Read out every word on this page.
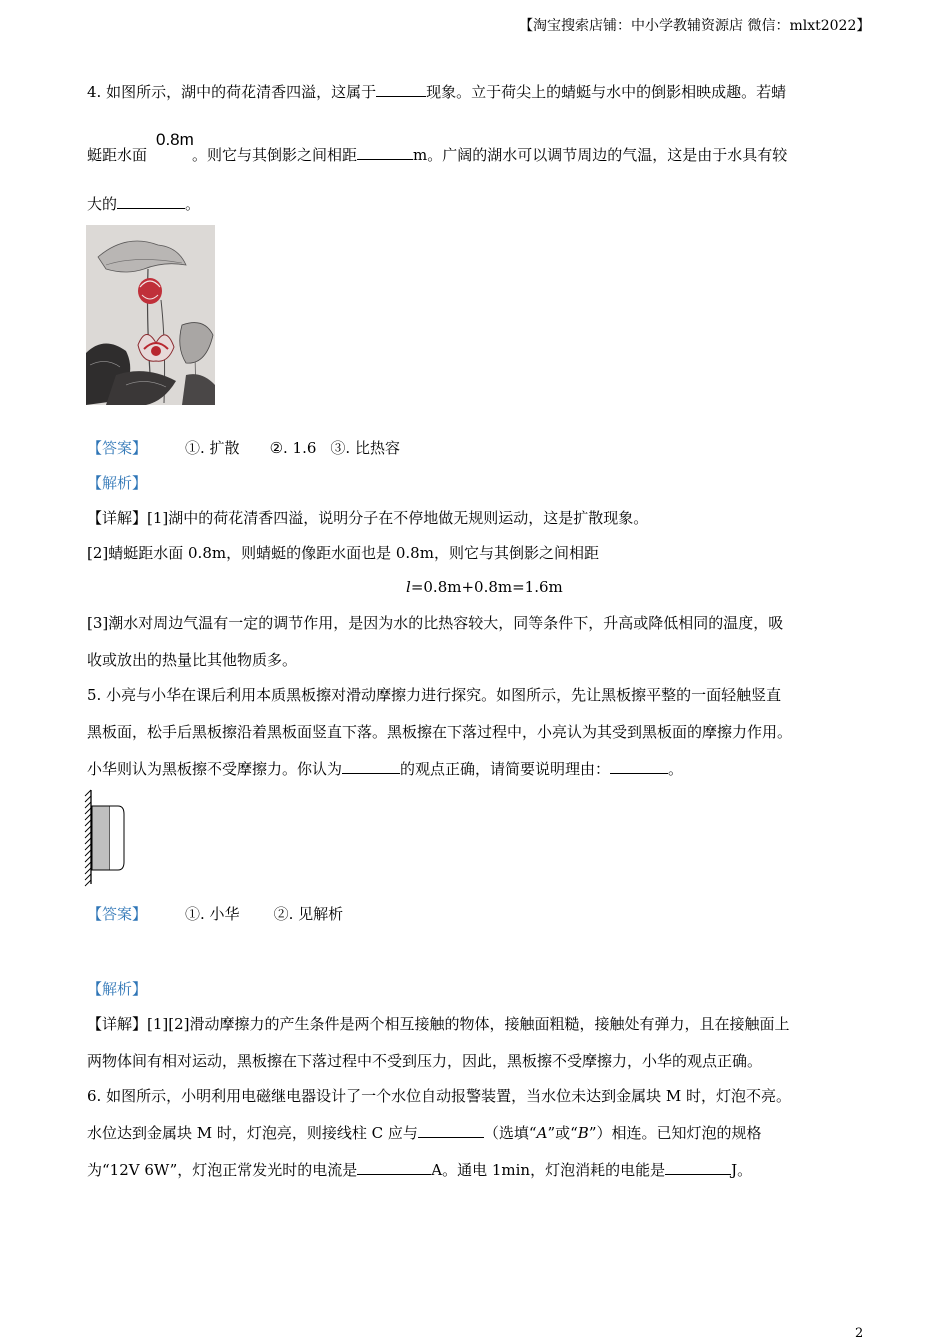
【淘宝搜索店铺：中小学教辅资源店 微信：mlxt2022】
4. 如图所示，湖中的荷花清香四溢，这属于	现象。立于荷尖上的蜻蜓与水中的倒影相映成趣。若蜻
0.8m
蜓距水面	。则它与其倒影之间相距	m。广阔的湖水可以调节周边的气温，这是由于水具有较
大的	。
【答案】	①. 扩散 ②. 1.6 ③. 比热容
【解析】
【详解】[1]湖中的荷花清香四溢，说明分子在不停地做无规则运动，这是扩散现象。
[2]蜻蜓距水面 0.8m，则蜻蜓的像距水面也是 0.8m，则它与其倒影之间相距
l=0.8m+0.8m=1.6m
[3]潮水对周边气温有一定的调节作用，是因为水的比热容较大，同等条件下，升高或降低相同的温度，吸
收或放出的热量比其他物质多。
5. 小亮与小华在课后利用本质黑板擦对滑动摩擦力进行探究。如图所示，先让黑板擦平整的一面轻触竖直
黑板面，松手后黑板擦沿着黑板面竖直下落。黑板擦在下落过程中，小亮认为其受到黑板面的摩擦力作用。
小华则认为黑板擦不受摩擦力。你认为	的观点正确，请简要说明理由：	。
【答案】	①. 小华 ②. 见解析
【解析】
【详解】[1][2]滑动摩擦力的产生条件是两个相互接触的物体，接触面粗糙，接触处有弹力，且在接触面上
两物体间有相对运动，黑板擦在下落过程中不受到压力，因此，黑板擦不受摩擦力，小华的观点正确。
6. 如图所示，小明利用电磁继电器设计了一个水位自动报警装置，当水位未达到金属块 M 时，灯泡不亮。
水位达到金属块 M 时，灯泡亮，则接线柱 C 应与	（选填“A”或“B”）相连。已知灯泡的规格
为“12V 6W”，灯泡正常发光时的电流是	A。通电 1min，灯泡消耗的电能是	J。
2
